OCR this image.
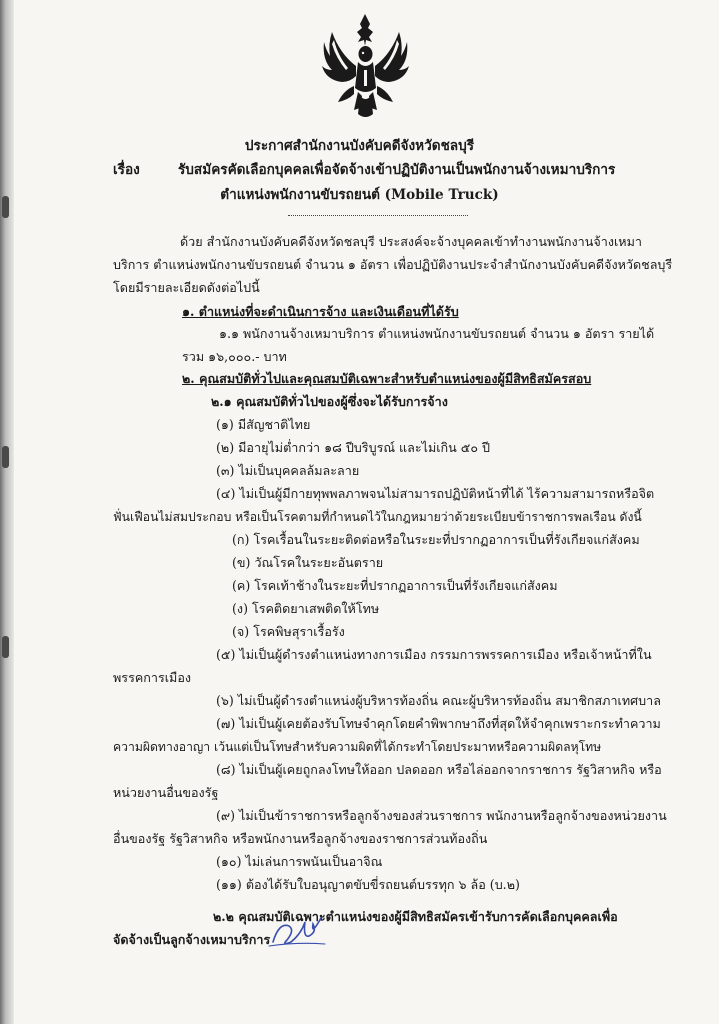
ประกาศสำนักงานบังคับคดีจังหวัดชลบุรี
เรื่อง	รับสมัครคัดเลือกบุคคลเพื่อจัดจ้างเข้าปฏิบัติงานเป็นพนักงานจ้างเหมาบริการ
ตำแหน่งพนักงานขับรถยนต์ (Mobile Truck)
ด้วย สำนักงานบังคับคดีจังหวัดชลบุรี ประสงค์จะจ้างบุคคลเข้าทำงานพนักงานจ้างเหมา
บริการ ตำแหน่งพนักงานขับรถยนต์ จำนวน ๑ อัตรา เพื่อปฏิบัติงานประจำสำนักงานบังคับคดีจังหวัดชลบุรี
โดยมีรายละเอียดดังต่อไปนี้
๑. ตำแหน่งที่จะดำเนินการจ้าง และเงินเดือนที่ได้รับ
๑.๑ พนักงานจ้างเหมาบริการ ตำแหน่งพนักงานขับรถยนต์ จำนวน ๑ อัตรา รายได้
รวม ๑๖,๐๐๐.- บาท
๒. คุณสมบัติทั่วไปและคุณสมบัติเฉพาะสำหรับตำแหน่งของผู้มีสิทธิสมัครสอบ
๒.๑ คุณสมบัติทั่วไปของผู้ซึ่งจะได้รับการจ้าง
(๑) มีสัญชาติไทย
(๒) มีอายุไม่ต่ำกว่า ๑๘ ปีบริบูรณ์ และไม่เกิน ๕๐ ปี
(๓) ไม่เป็นบุคคลล้มละลาย
(๔) ไม่เป็นผู้มีกายทุพพลภาพจนไม่สามารถปฏิบัติหน้าที่ได้ ไร้ความสามารถหรือจิต
ฟั่นเฟือนไม่สมประกอบ หรือเป็นโรคตามที่กำหนดไว้ในกฎหมายว่าด้วยระเบียบข้าราชการพลเรือน ดังนี้
(ก) โรคเรื้อนในระยะติดต่อหรือในระยะที่ปรากฏอาการเป็นที่รังเกียจแก่สังคม
(ข) วัณโรคในระยะอันตราย
(ค) โรคเท้าช้างในระยะที่ปรากฏอาการเป็นที่รังเกียจแก่สังคม
(ง) โรคติดยาเสพติดให้โทษ
(จ) โรคพิษสุราเรื้อรัง
(๕) ไม่เป็นผู้ดำรงตำแหน่งทางการเมือง กรรมการพรรคการเมือง หรือเจ้าหน้าที่ใน
พรรคการเมือง
(๖) ไม่เป็นผู้ดำรงตำแหน่งผู้บริหารท้องถิ่น คณะผู้บริหารท้องถิ่น สมาชิกสภาเทศบาล
(๗) ไม่เป็นผู้เคยต้องรับโทษจำคุกโดยคำพิพากษาถึงที่สุดให้จำคุกเพราะกระทำความ
ความผิดทางอาญา เว้นแต่เป็นโทษสำหรับความผิดที่ได้กระทำโดยประมาทหรือความผิดลหุโทษ
(๘) ไม่เป็นผู้เคยถูกลงโทษให้ออก ปลดออก หรือไล่ออกจากราชการ รัฐวิสาหกิจ หรือ
หน่วยงานอื่นของรัฐ
(๙) ไม่เป็นข้าราชการหรือลูกจ้างของส่วนราชการ พนักงานหรือลูกจ้างของหน่วยงาน
อื่นของรัฐ รัฐวิสาหกิจ หรือพนักงานหรือลูกจ้างของราชการส่วนท้องถิ่น
(๑๐) ไม่เล่นการพนันเป็นอาจิณ
(๑๑) ต้องได้รับใบอนุญาตขับขี่รถยนต์บรรทุก ๖ ล้อ (บ.๒)
๒.๒ คุณสมบัติเฉพาะตำแหน่งของผู้มีสิทธิสมัครเข้ารับการคัดเลือกบุคคลเพื่อ
จัดจ้างเป็นลูกจ้างเหมาบริการ
